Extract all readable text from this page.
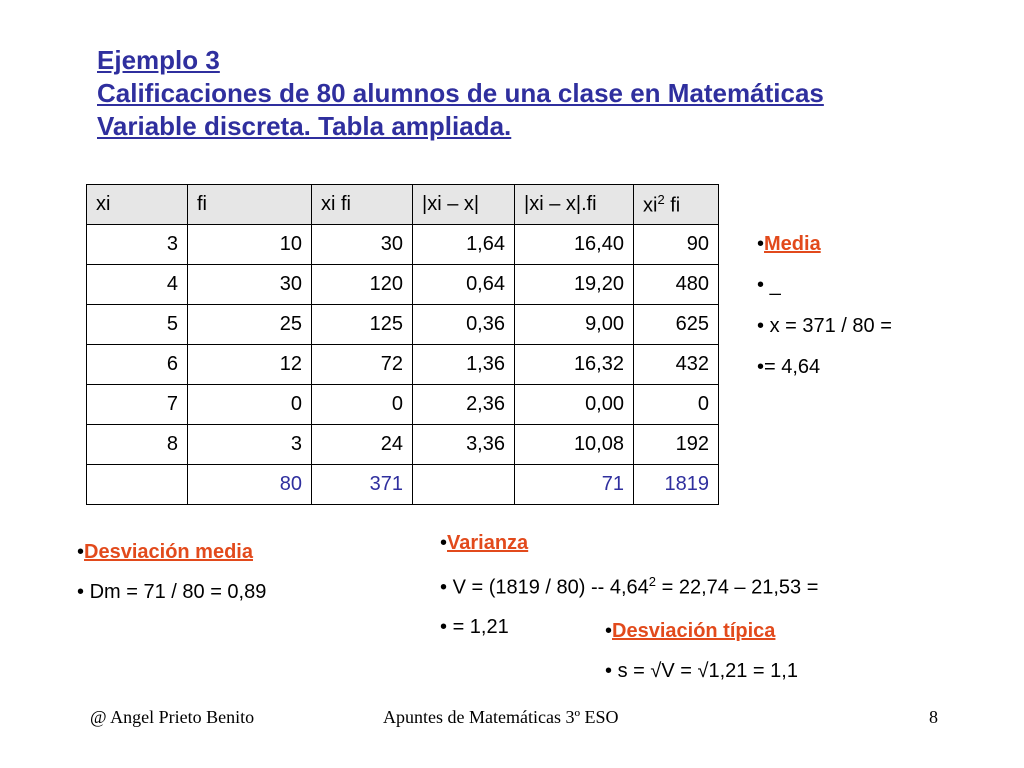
Ejemplo 3
Calificaciones de 80 alumnos de una clase en Matemáticas
Variable discreta. Tabla ampliada.
xi	fi	xi fi	|xi – x|	|xi – x|.fi	$xi^2$ fi
3	10	30	1,64	16,40	90
4	30	120	0,64	19,20	480
5	25	125	0,36	9,00	625
6	12	72	1,36	16,32	432
7	0	0	2,36	0,00	0
8	3	24	3,36	10,08	192
	80	371		71	1819
•Media
• _
• x = 371 / 80 =
•= 4,64
•Desviación media
• Dm = 71 / 80 = 0,89
•Varianza
• $V = (1819 / 80) -- 4,64^2 = 22,74 - 21,53$ =
• = 1,21	•Desviación típica
• s = √V = √1,21 = 1,1
@ Angel Prieto Benito	Apuntes de Matemáticas 3º ESO	8
